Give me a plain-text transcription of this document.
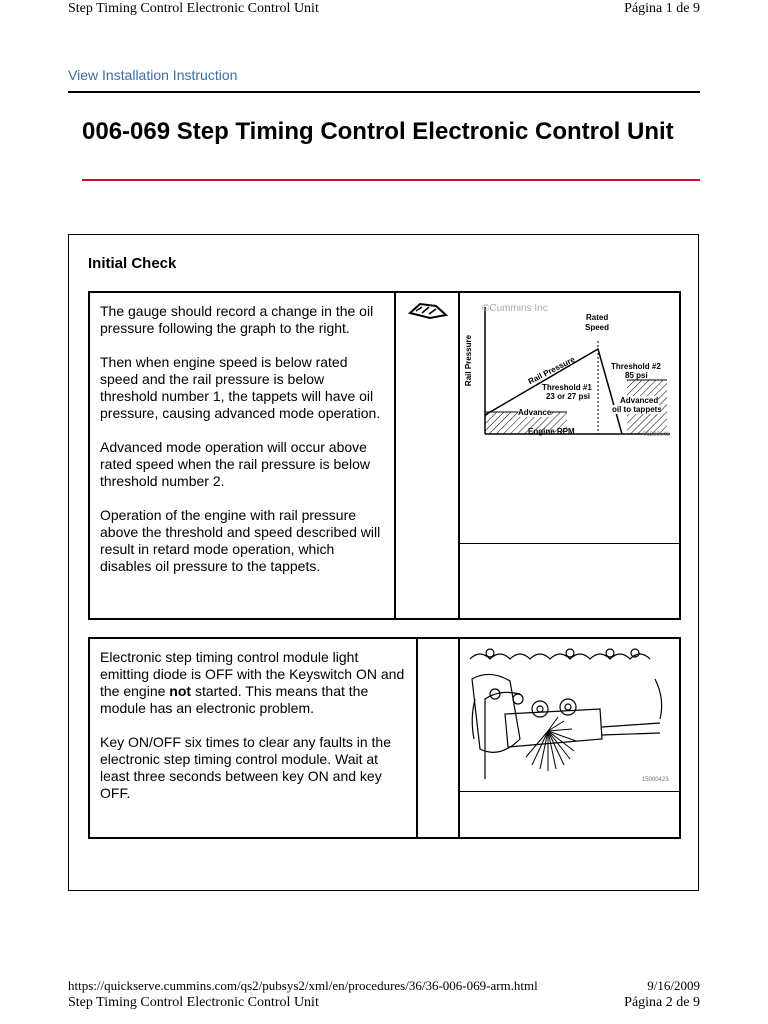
Step Timing Control Electronic Control Unit	Página 1 de 9
View Installation Instruction
006-069 Step Timing Control Electronic Control Unit
Initial Check

The gauge should record a change in the oil pressure following the graph to the right.

Then when engine speed is below rated speed and the rail pressure is below threshold number 1, the tappets will have oil pressure, causing advanced mode operation.

Advanced mode operation will occur above rated speed when the rail pressure is below threshold number 2.

Operation of the engine with rail pressure above the threshold and speed described will result in retard mode operation, which disables oil pressure to the tappets.

©Cummins Inc
Rated
Speed
Rail Pressure	Rail Pressure	Threshold #2
85 psi
Threshold #1
23 or 27 psi
Advance
Advanced
oil to tappets
Engine RPM	06200048

Electronic step timing control module light emitting diode is OFF with the Keyswitch ON and the engine not started. This means that the module has an electronic problem.

Key ON/OFF six times to clear any faults in the electronic step timing control module. Wait at least three seconds between key ON and key OFF.

15000423
https://quickserve.cummins.com/qs2/pubsys2/xml/en/procedures/36/36-006-069-arm.html	9/16/2009
Step Timing Control Electronic Control Unit	Página 2 de 9
